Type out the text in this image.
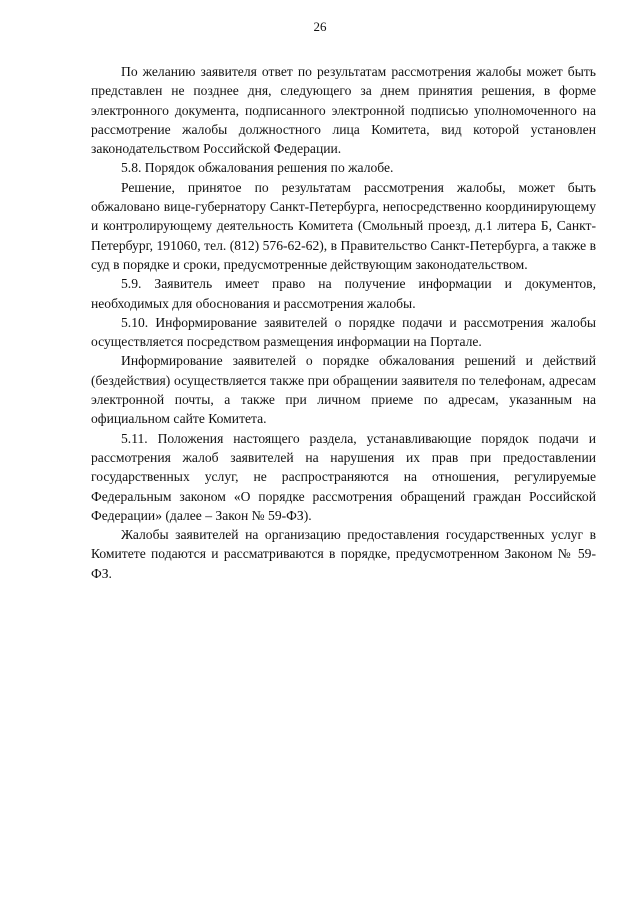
26

По желанию заявителя ответ по результатам рассмотрения жалобы может быть представлен не позднее дня, следующего за днем принятия решения, в форме электронного документа, подписанного электронной подписью уполномоченного на рассмотрение жалобы должностного лица Комитета, вид которой установлен законодательством Российской Федерации.

5.8. Порядок обжалования решения по жалобе.

Решение, принятое по результатам рассмотрения жалобы, может быть обжаловано вице-губернатору Санкт-Петербурга, непосредственно координирующему и контролирующему деятельность Комитета (Смольный проезд, д.1 литера Б, Санкт-Петербург, 191060, тел. (812) 576-62-62), в Правительство Санкт-Петербурга, а также в суд в порядке и сроки, предусмотренные действующим законодательством.

5.9. Заявитель имеет право на получение информации и документов, необходимых для обоснования и рассмотрения жалобы.

5.10. Информирование заявителей о порядке подачи и рассмотрения жалобы осуществляется посредством размещения информации на Портале.

Информирование заявителей о порядке обжалования решений и действий (бездействия) осуществляется также при обращении заявителя по телефонам, адресам электронной почты, а также при личном приеме по адресам, указанным на официальном сайте Комитета.

5.11. Положения настоящего раздела, устанавливающие порядок подачи и рассмотрения жалоб заявителей на нарушения их прав при предоставлении государственных услуг, не распространяются на отношения, регулируемые Федеральным законом «О порядке рассмотрения обращений граждан Российской Федерации» (далее – Закон № 59-ФЗ).

Жалобы заявителей на организацию предоставления государственных услуг в Комитете подаются и рассматриваются в порядке, предусмотренном Законом № 59-ФЗ.
